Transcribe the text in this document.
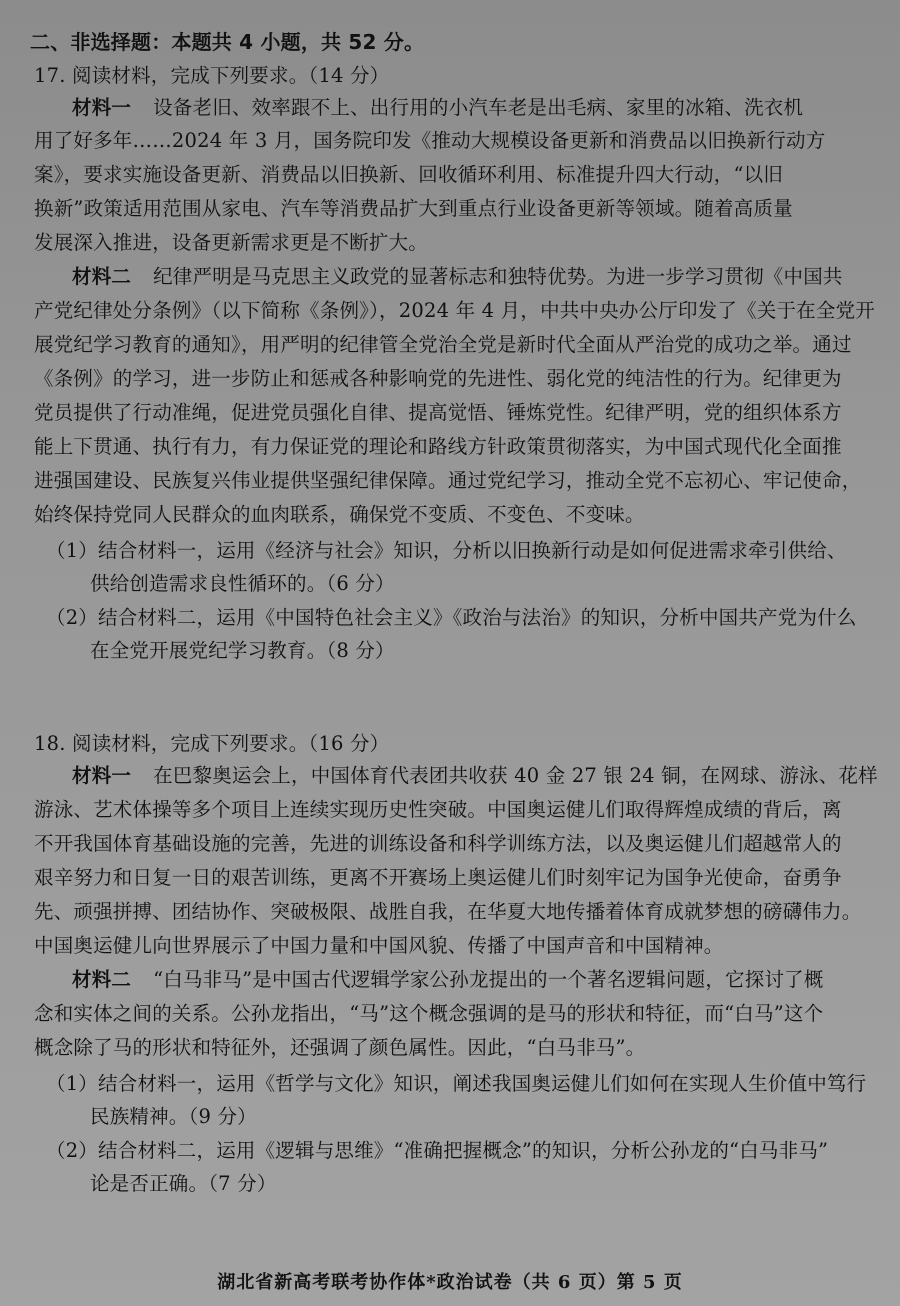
二、非选择题：本题共 4 小题，共 52 分。
17. 阅读材料，完成下列要求。（14 分）
材料一 设备老旧、效率跟不上、出行用的小汽车老是出毛病、家里的冰箱、洗衣机
用了好多年……2024 年 3 月，国务院印发《推动大规模设备更新和消费品以旧换新行动方
案》，要求实施设备更新、消费品以旧换新、回收循环利用、标准提升四大行动，“以旧
换新”政策适用范围从家电、汽车等消费品扩大到重点行业设备更新等领域。随着高质量
发展深入推进，设备更新需求更是不断扩大。
材料二 纪律严明是马克思主义政党的显著标志和独特优势。为进一步学习贯彻《中国共
产党纪律处分条例》（以下简称《条例》），2024 年 4 月，中共中央办公厅印发了《关于在全党开
展党纪学习教育的通知》，用严明的纪律管全党治全党是新时代全面从严治党的成功之举。通过
《条例》的学习，进一步防止和惩戒各种影响党的先进性、弱化党的纯洁性的行为。纪律更为
党员提供了行动准绳，促进党员强化自律、提高觉悟、锤炼党性。纪律严明，党的组织体系方
能上下贯通、执行有力，有力保证党的理论和路线方针政策贯彻落实，为中国式现代化全面推
进强国建设、民族复兴伟业提供坚强纪律保障。通过党纪学习，推动全党不忘初心、牢记使命，
始终保持党同人民群众的血肉联系，确保党不变质、不变色、不变味。
（1）结合材料一，运用《经济与社会》知识，分析以旧换新行动是如何促进需求牵引供给、
供给创造需求良性循环的。（6 分）
（2）结合材料二，运用《中国特色社会主义》《政治与法治》的知识，分析中国共产党为什么
在全党开展党纪学习教育。（8 分）
18. 阅读材料，完成下列要求。（16 分）
材料一 在巴黎奥运会上，中国体育代表团共收获 40 金 27 银 24 铜，在网球、游泳、花样
游泳、艺术体操等多个项目上连续实现历史性突破。中国奥运健儿们取得辉煌成绩的背后，离
不开我国体育基础设施的完善，先进的训练设备和科学训练方法，以及奥运健儿们超越常人的
艰辛努力和日复一日的艰苦训练，更离不开赛场上奥运健儿们时刻牢记为国争光使命，奋勇争
先、顽强拼搏、团结协作、突破极限、战胜自我，在华夏大地传播着体育成就梦想的磅礴伟力。
中国奥运健儿向世界展示了中国力量和中国风貌、传播了中国声音和中国精神。
材料二 “白马非马”是中国古代逻辑学家公孙龙提出的一个著名逻辑问题，它探讨了概
念和实体之间的关系。公孙龙指出，“马”这个概念强调的是马的形状和特征，而“白马”这个
概念除了马的形状和特征外，还强调了颜色属性。因此，“白马非马”。
（1）结合材料一，运用《哲学与文化》知识，阐述我国奥运健儿们如何在实现人生价值中笃行
民族精神。（9 分）
（2）结合材料二，运用《逻辑与思维》“准确把握概念”的知识，分析公孙龙的“白马非马”
论是否正确。（7 分）
湖北省新高考联考协作体*政治试卷（共 6 页）第 5 页
